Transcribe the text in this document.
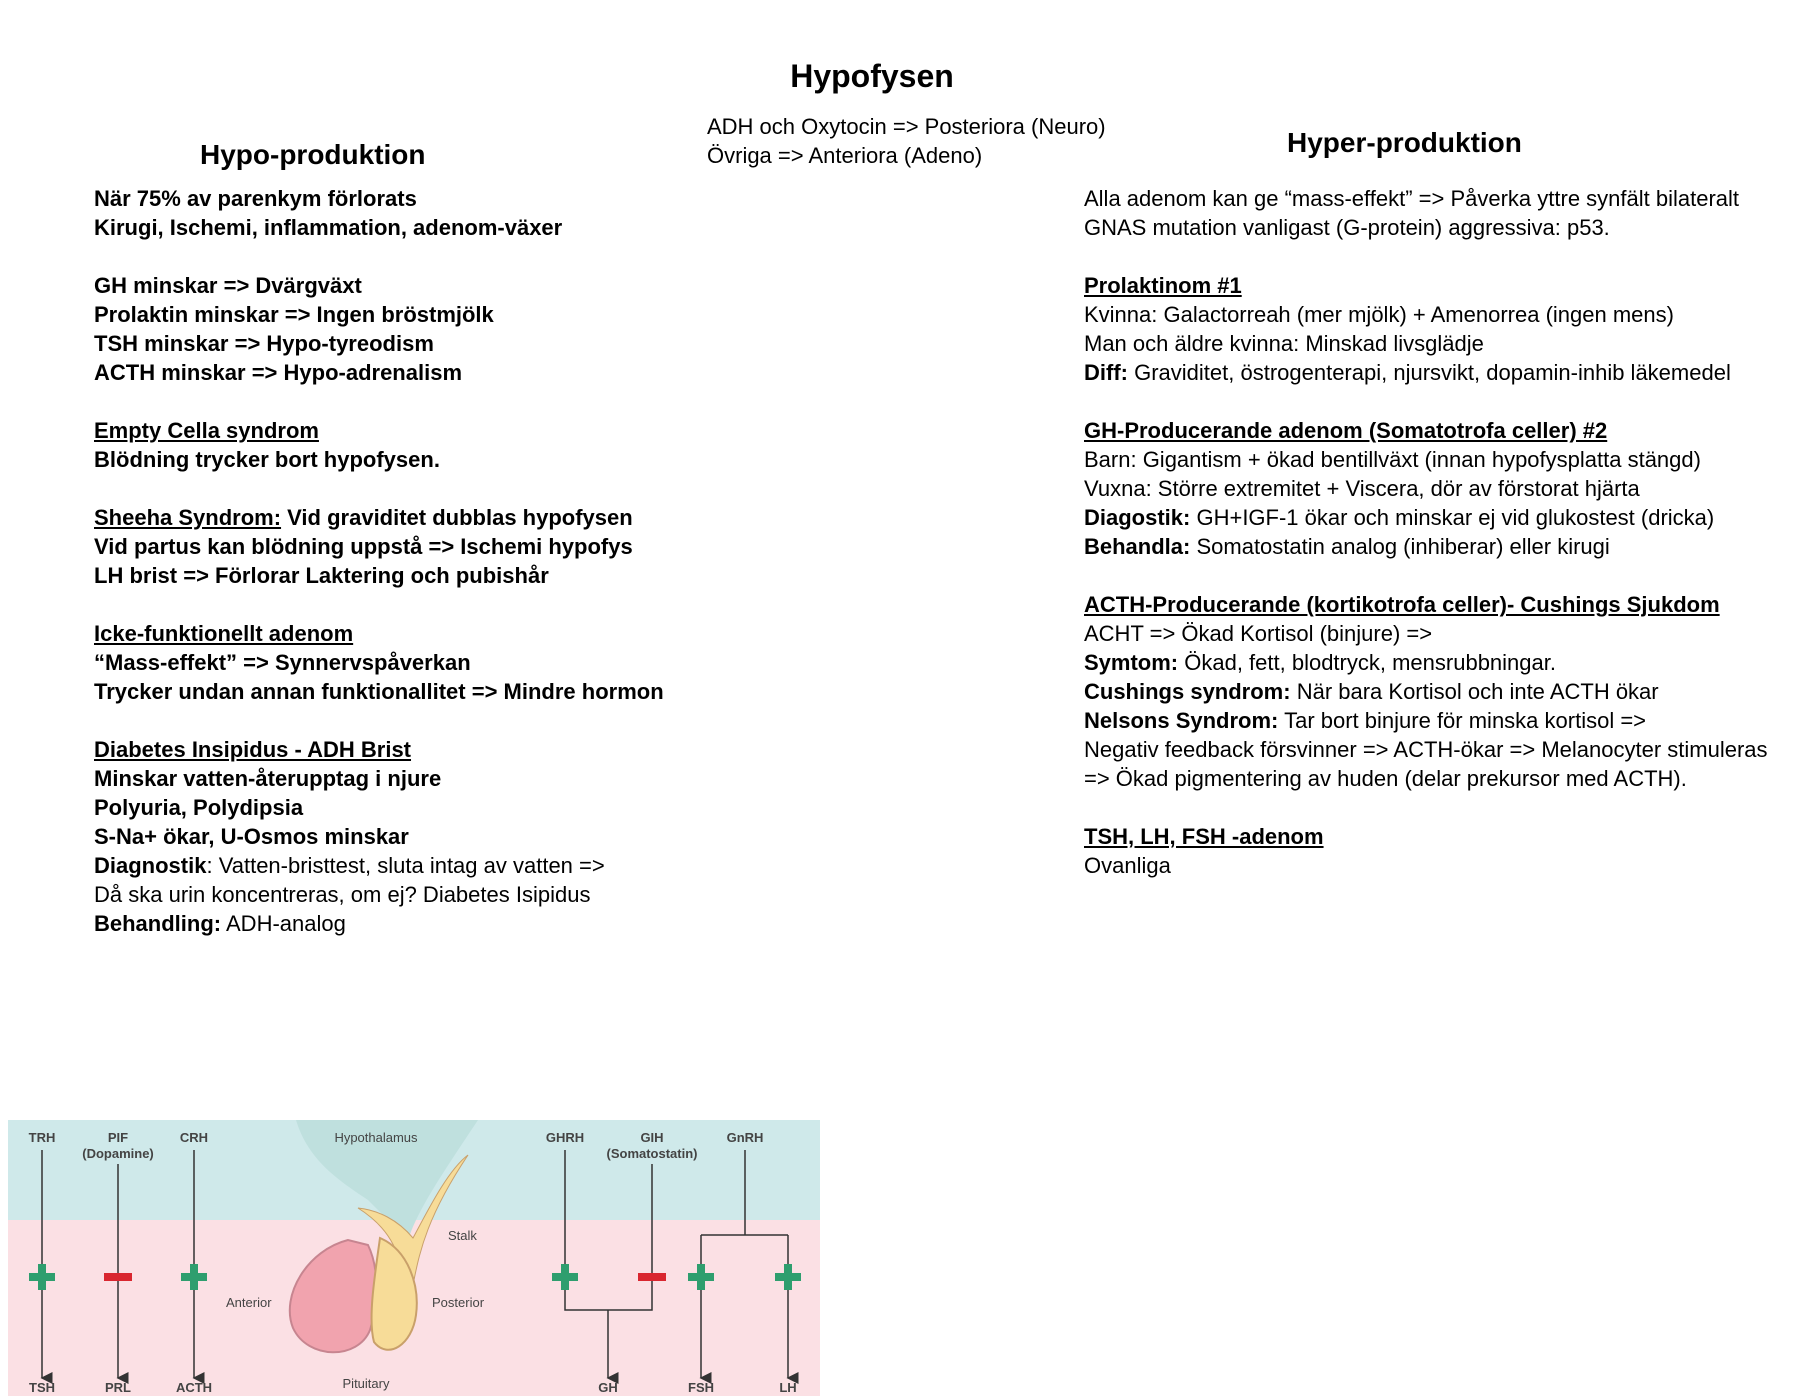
Hypofysen
ADH och Oxytocin => Posteriora (Neuro)
Övriga => Anteriora (Adeno)
Hypo-produktion	Hyper-produktion
När 75% av parenkym förlorats
Kirugi, Ischemi, inflammation, adenom-växer
GH minskar => Dvärgväxt
Prolaktin minskar => Ingen bröstmjölk
TSH minskar => Hypo-tyreodism
ACTH minskar => Hypo-adrenalism
Empty Cella syndrom
Blödning trycker bort hypofysen.
Sheeha Syndrom: Vid graviditet dubblas hypofysen
Vid partus kan blödning uppstå => Ischemi hypofys
LH brist => Förlorar Laktering och pubishår
Icke-funktionellt adenom
“Mass-effekt” => Synnervspåverkan
Trycker undan annan funktionallitet => Mindre hormon
Diabetes Insipidus - ADH Brist
Minskar vatten-återupptag i njure
Polyuria, Polydipsia
S-Na+ ökar, U-Osmos minskar
Diagnostik: Vatten-bristtest, sluta intag av vatten =>
Då ska urin koncentreras, om ej? Diabetes Isipidus
Behandling: ADH-analog
Alla adenom kan ge “mass-effekt” => Påverka yttre synfält bilateralt
GNAS mutation vanligast (G-protein) aggressiva: p53.
Prolaktinom #1
Kvinna: Galactorreah (mer mjölk) + Amenorrea (ingen mens)
Man och äldre kvinna: Minskad livsglädje
Diff: Graviditet, östrogenterapi, njursvikt, dopamin-inhib läkemedel
GH-Producerande adenom (Somatotrofa celler) #2
Barn: Gigantism + ökad bentillväxt (innan hypofysplatta stängd)
Vuxna: Större extremitet + Viscera, dör av förstorat hjärta
Diagostik: GH+IGF-1 ökar och minskar ej vid glukostest (dricka)
Behandla: Somatostatin analog (inhiberar) eller kirugi
ACTH-Producerande (kortikotrofa celler)- Cushings Sjukdom
ACHT => Ökad Kortisol (binjure) =>
Symtom: Ökad, fett, blodtryck, mensrubbningar.
Cushings syndrom: När bara Kortisol och inte ACTH ökar
Nelsons Syndrom: Tar bort binjure för minska kortisol =>
Negativ feedback försvinner => ACTH-ökar => Melanocyter stimuleras
=> Ökad pigmentering av huden (delar prekursor med ACTH).
TSH, LH, FSH -adenom
Ovanliga
Hypothalamus
Stalk
Anterior	Posterior
Pituitary
TRH
TSH
PIF
(Dopamine)
PRL
CRH
ACTH
GHRH	GIH
(Somatostatin)
GH
GnRH
FSH	LH
